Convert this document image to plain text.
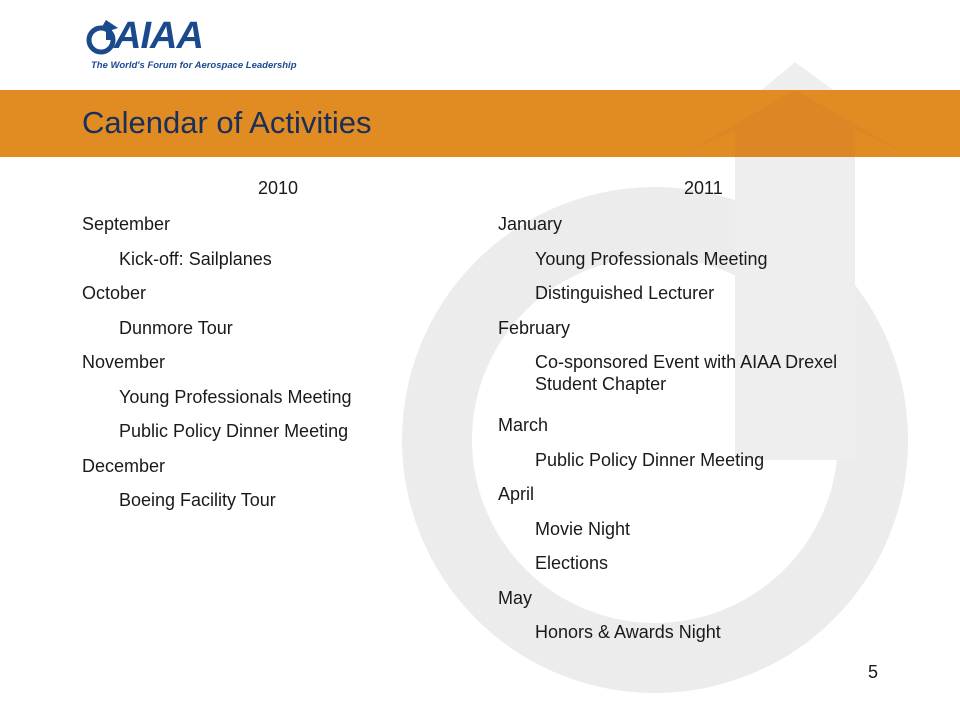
AIAA
The World's Forum for Aerospace Leadership
Calendar of Activities
2010
September
Kick-off: Sailplanes
October
Dunmore Tour
November
Young Professionals Meeting
Public Policy Dinner Meeting
December
Boeing Facility Tour
2011
January
Young Professionals Meeting
Distinguished Lecturer
February
Co-sponsored Event with AIAA Drexel Student Chapter
March
Public Policy Dinner Meeting
April
Movie Night
Elections
May
Honors & Awards Night
5
